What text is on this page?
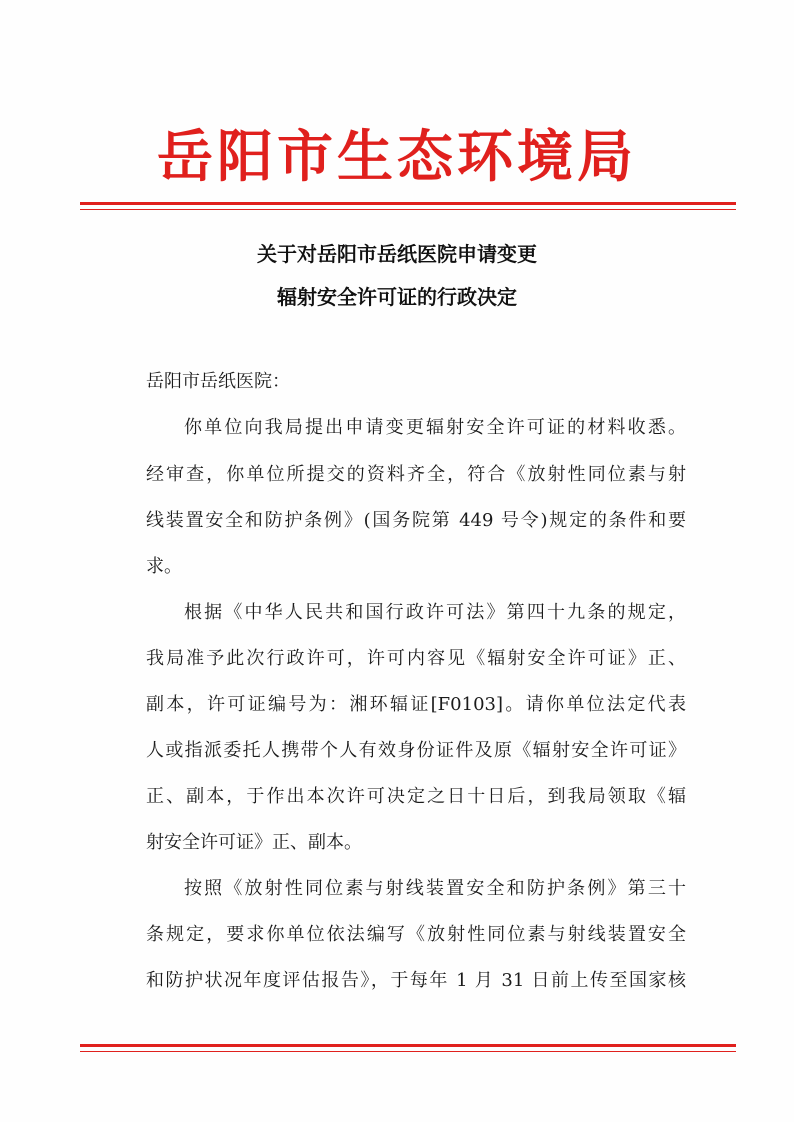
岳阳市生态环境局
关于对岳阳市岳纸医院申请变更
辐射安全许可证的行政决定
岳阳市岳纸医院：
你单位向我局提出申请变更辐射安全许可证的材料收悉。
经审查，你单位所提交的资料齐全，符合《放射性同位素与射
线装置安全和防护条例》(国务院第 449 号令)规定的条件和要
求。
根据《中华人民共和国行政许可法》第四十九条的规定，
我局准予此次行政许可，许可内容见《辐射安全许可证》正、
副本，许可证编号为：湘环辐证[F0103]。请你单位法定代表
人或指派委托人携带个人有效身份证件及原《辐射安全许可证》
正、副本，于作出本次许可决定之日十日后，到我局领取《辐
射安全许可证》正、副本。
按照《放射性同位素与射线装置安全和防护条例》第三十
条规定，要求你单位依法编写《放射性同位素与射线装置安全
和防护状况年度评估报告》，于每年 1 月 31 日前上传至国家核
